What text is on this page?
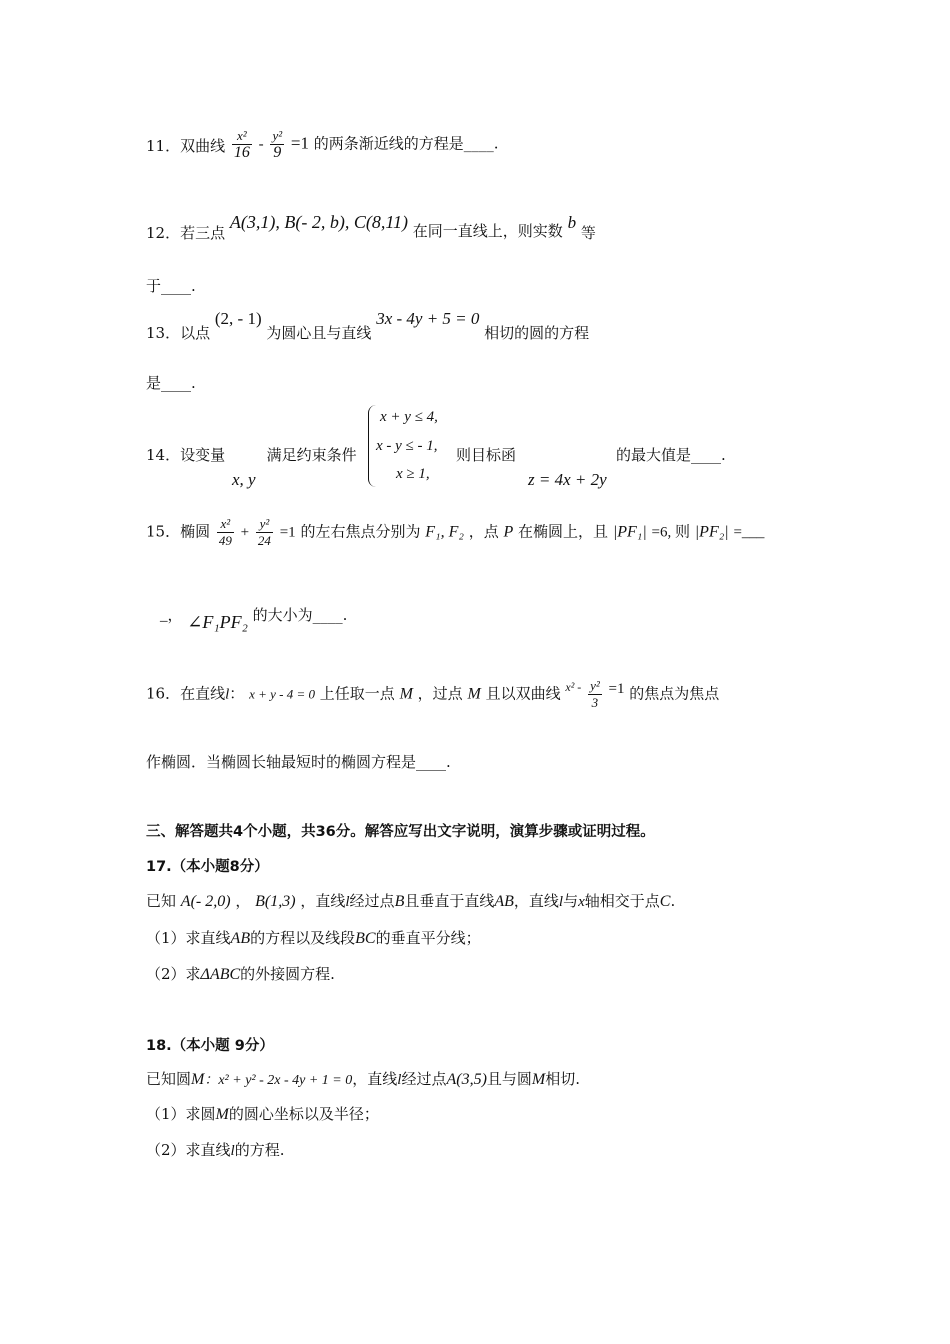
11．双曲线 $\frac{\text{x²}}{16} - \frac{\text{y²}}{9} =1$ 的两条渐近线的方程是____.
12．若三点 A(3,1), B(- 2, b), C(8,11) 在同一直线上，则实数 b 等
于____.
13．以点 (2, - 1) 为圆心且与直线 3x - 4y + 5 = 0 相切的圆的方程
是____.
14．设变量	满足约束条件
x, y
x + y ≤ 4,
x - y ≤ - 1,
x ≥ 1,
则目标函
z = 4x + 2y
的最大值是____.
15．椭圆 $\frac{\text{x²}}{49} + \frac{\text{y²}}{24} =1$ 的左右焦点分别为 F₁, F₂ ，点 P 在椭圆上，且 |PF₁| =6, 则 |PF₂| =___
_， ∠F₁PF₂ 的大小为____.
16．在直线l： x + y - 4 = 0 上任取一点 M ，过点 M 且以双曲线 $^{x^2 -} \frac{\text{y²}}{3} =1$ 的焦点为焦点
作椭圆．当椭圆长轴最短时的椭圆方程是____.
三、解答题共4个小题，共36分。解答应写出文字说明，演算步骤或证明过程。
17.（本小题8分）
已知 A(- 2,0) ， B(1,3) ，直线l经过点B且垂直于直线AB，直线l与x轴相交于点C.
（1）求直线AB的方程以及线段BC的垂直平分线；
（2）求ΔABC的外接圆方程.
18.（本小题 9分）
已知圆M：x² + y² - 2x - 4y + 1 = 0，直线l经过点A(3,5)且与圆M相切.
（1）求圆M的圆心坐标以及半径；
（2）求直线l的方程.
